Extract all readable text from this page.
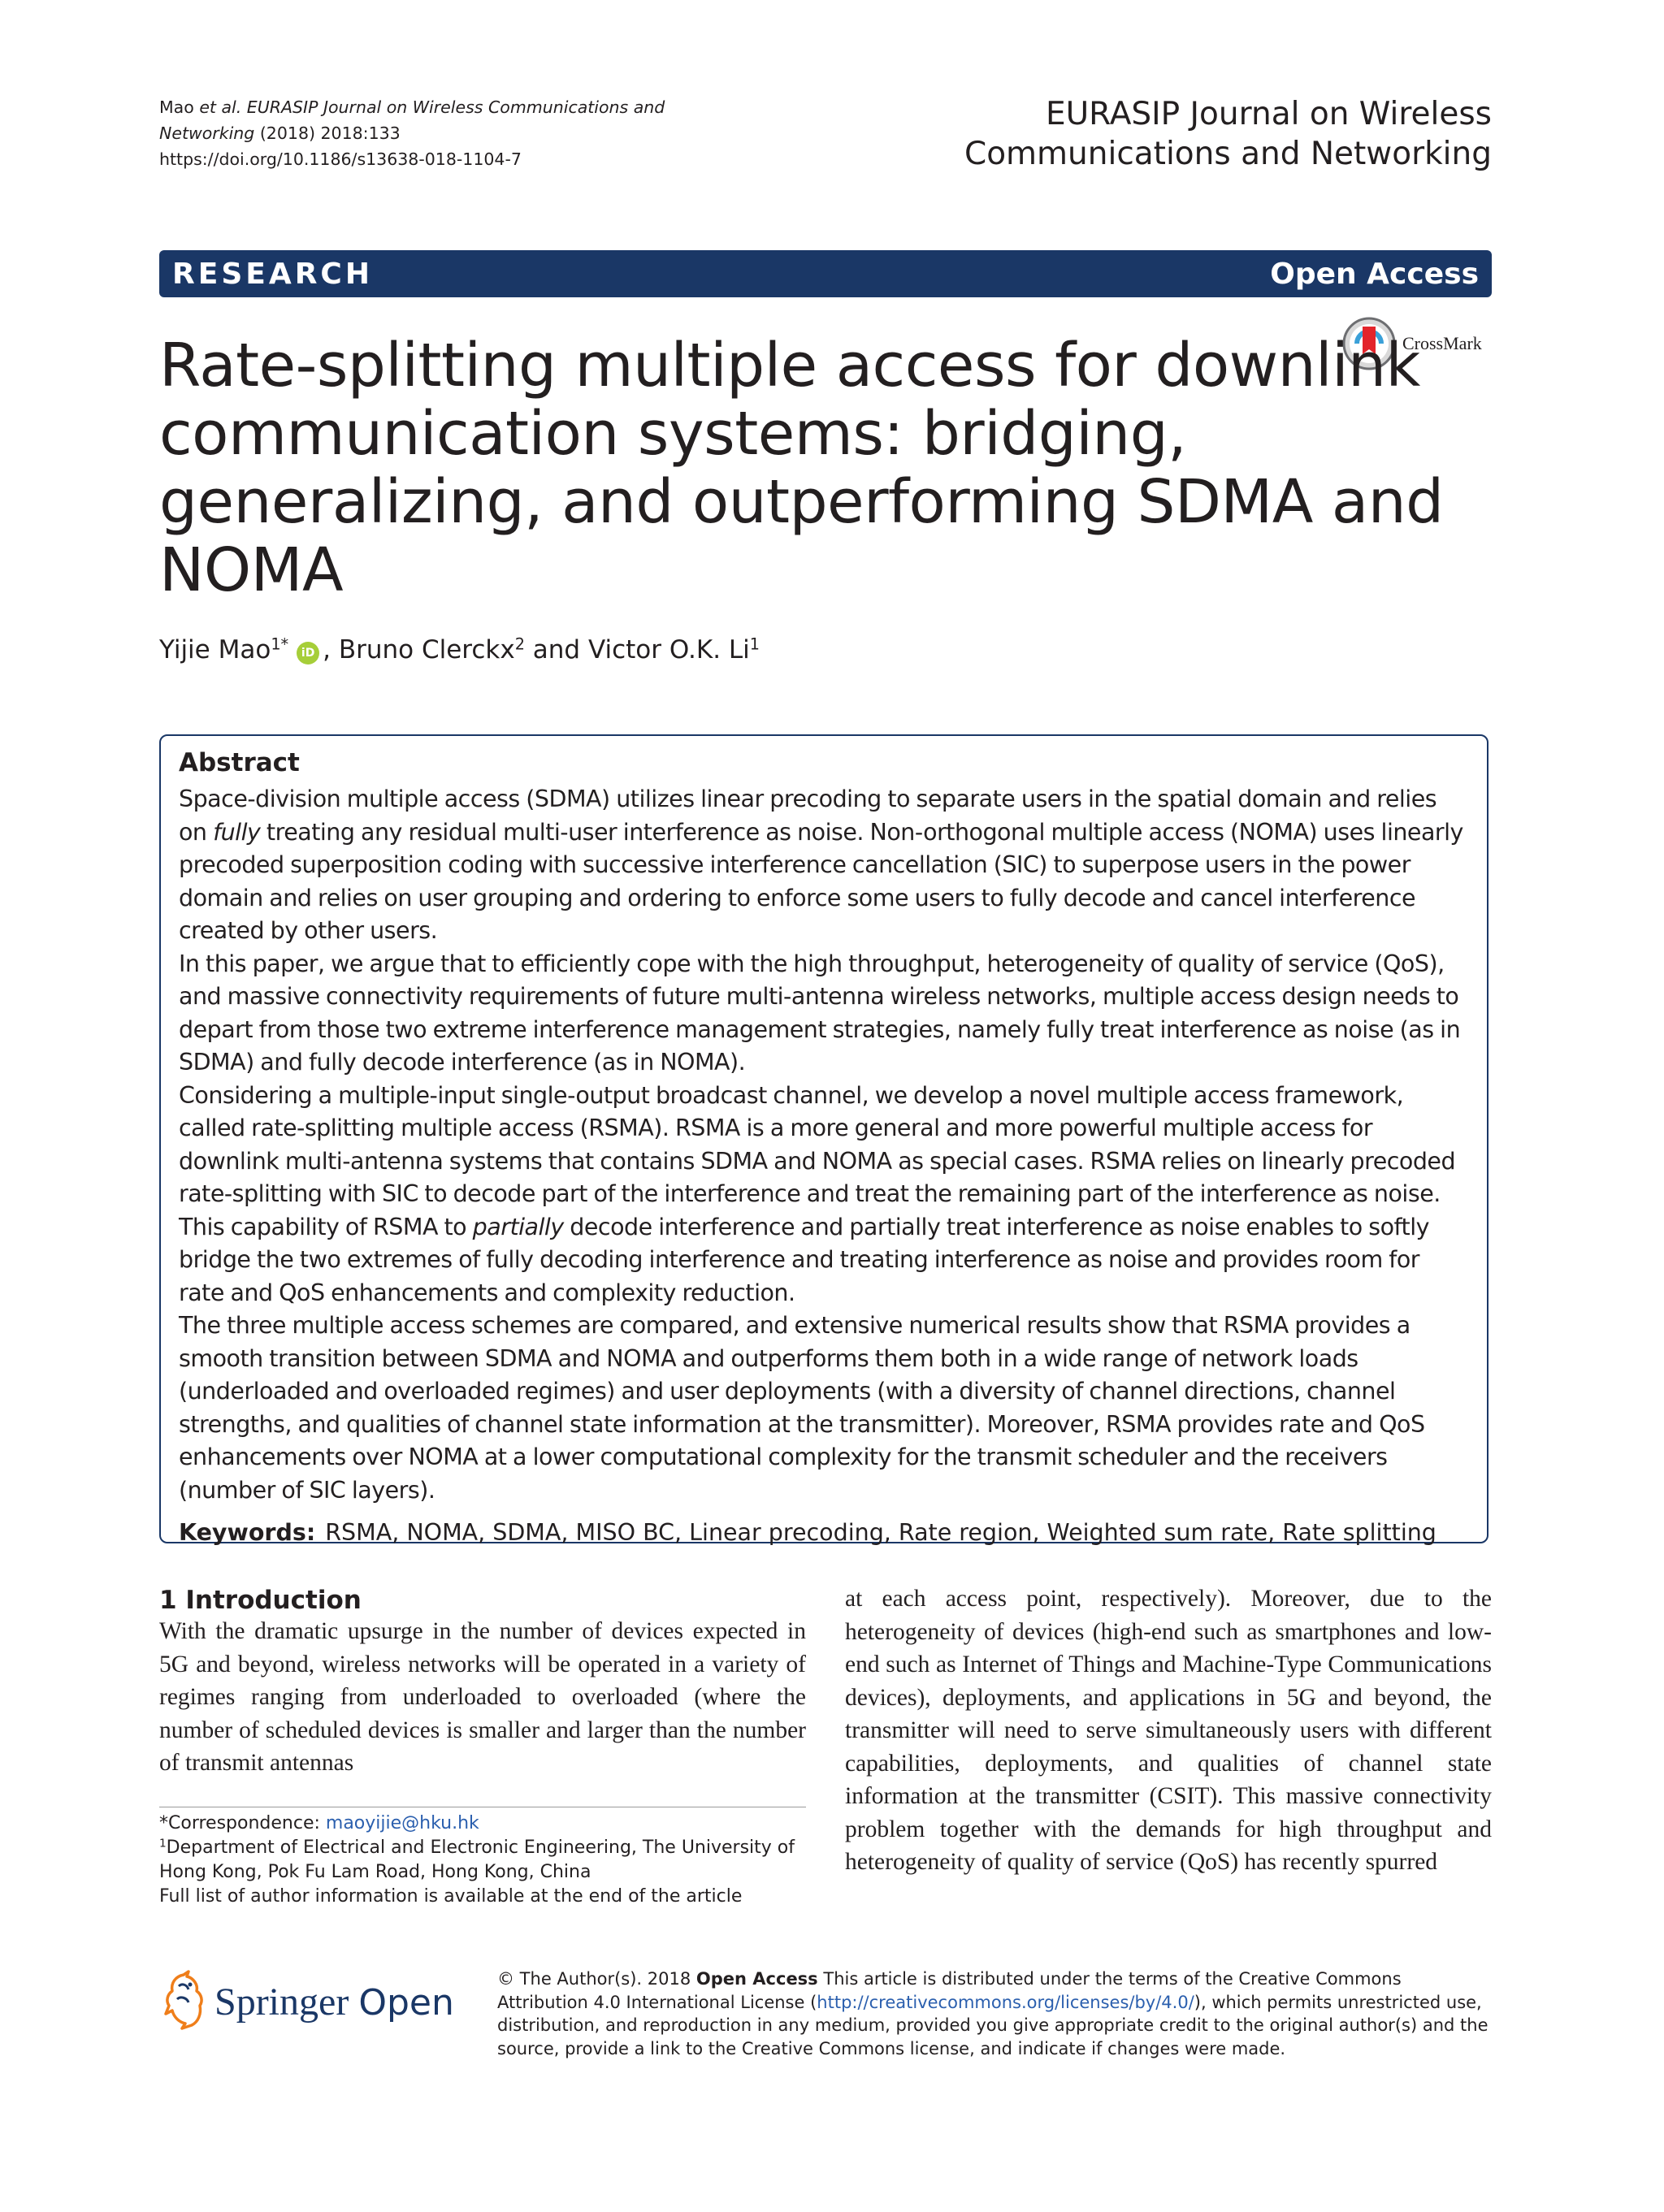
Mao et al. EURASIP Journal on Wireless Communications and
Networking (2018) 2018:133
https://doi.org/10.1186/s13638-018-1104-7
EURASIP Journal on Wireless
Communications and Networking
RESEARCH	Open Access
CrossMark
Rate-splitting multiple access for downlink communication systems: bridging, generalizing, and outperforming SDMA and NOMA
Yijie Mao$^{1*}$ iD , Bruno Clerckx$^2$ and Victor O.K. Li$^1$
Abstract

Space-division multiple access (SDMA) utilizes linear precoding to separate users in the spatial domain and relies on fully treating any residual multi-user interference as noise. Non-orthogonal multiple access (NOMA) uses linearly precoded superposition coding with successive interference cancellation (SIC) to superpose users in the power domain and relies on user grouping and ordering to enforce some users to fully decode and cancel interference created by other users.

In this paper, we argue that to efficiently cope with the high throughput, heterogeneity of quality of service (QoS), and massive connectivity requirements of future multi-antenna wireless networks, multiple access design needs to depart from those two extreme interference management strategies, namely fully treat interference as noise (as in SDMA) and fully decode interference (as in NOMA).

Considering a multiple-input single-output broadcast channel, we develop a novel multiple access framework, called rate-splitting multiple access (RSMA). RSMA is a more general and more powerful multiple access for downlink multi-antenna systems that contains SDMA and NOMA as special cases. RSMA relies on linearly precoded rate-splitting with SIC to decode part of the interference and treat the remaining part of the interference as noise. This capability of RSMA to partially decode interference and partially treat interference as noise enables to softly bridge the two extremes of fully decoding interference and treating interference as noise and provides room for rate and QoS enhancements and complexity reduction.

The three multiple access schemes are compared, and extensive numerical results show that RSMA provides a smooth transition between SDMA and NOMA and outperforms them both in a wide range of network loads (underloaded and overloaded regimes) and user deployments (with a diversity of channel directions, channel strengths, and qualities of channel state information at the transmitter). Moreover, RSMA provides rate and QoS enhancements over NOMA at a lower computational complexity for the transmit scheduler and the receivers (number of SIC layers).

Keywords: RSMA, NOMA, SDMA, MISO BC, Linear precoding, Rate region, Weighted sum rate, Rate splitting
1 Introduction

With the dramatic upsurge in the number of devices expected in 5G and beyond, wireless networks will be operated in a variety of regimes ranging from underloaded to overloaded (where the number of scheduled devices is smaller and larger than the number of transmit antennas

at each access point, respectively). Moreover, due to the heterogeneity of devices (high-end such as smartphones and low-end such as Internet of Things and Machine-Type Communications devices), deployments, and applications in 5G and beyond, the transmitter will need to serve simultaneously users with different capabilities, deployments, and qualities of channel state information at the transmitter (CSIT). This massive connectivity problem together with the demands for high throughput and heterogeneity of quality of service (QoS) has recently spurred

*Correspondence: maoyijie@hku.hk

$^1$Department of Electrical and Electronic Engineering, The University of Hong Kong, Pok Fu Lam Road, Hong Kong, China

Full list of author information is available at the end of the article

Springer Open
© The Author(s). 2018 Open Access This article is distributed under the terms of the Creative Commons Attribution 4.0 International License (http://creativecommons.org/licenses/by/4.0/), which permits unrestricted use, distribution, and reproduction in any medium, provided you give appropriate credit to the original author(s) and the source, provide a link to the Creative Commons license, and indicate if changes were made.
